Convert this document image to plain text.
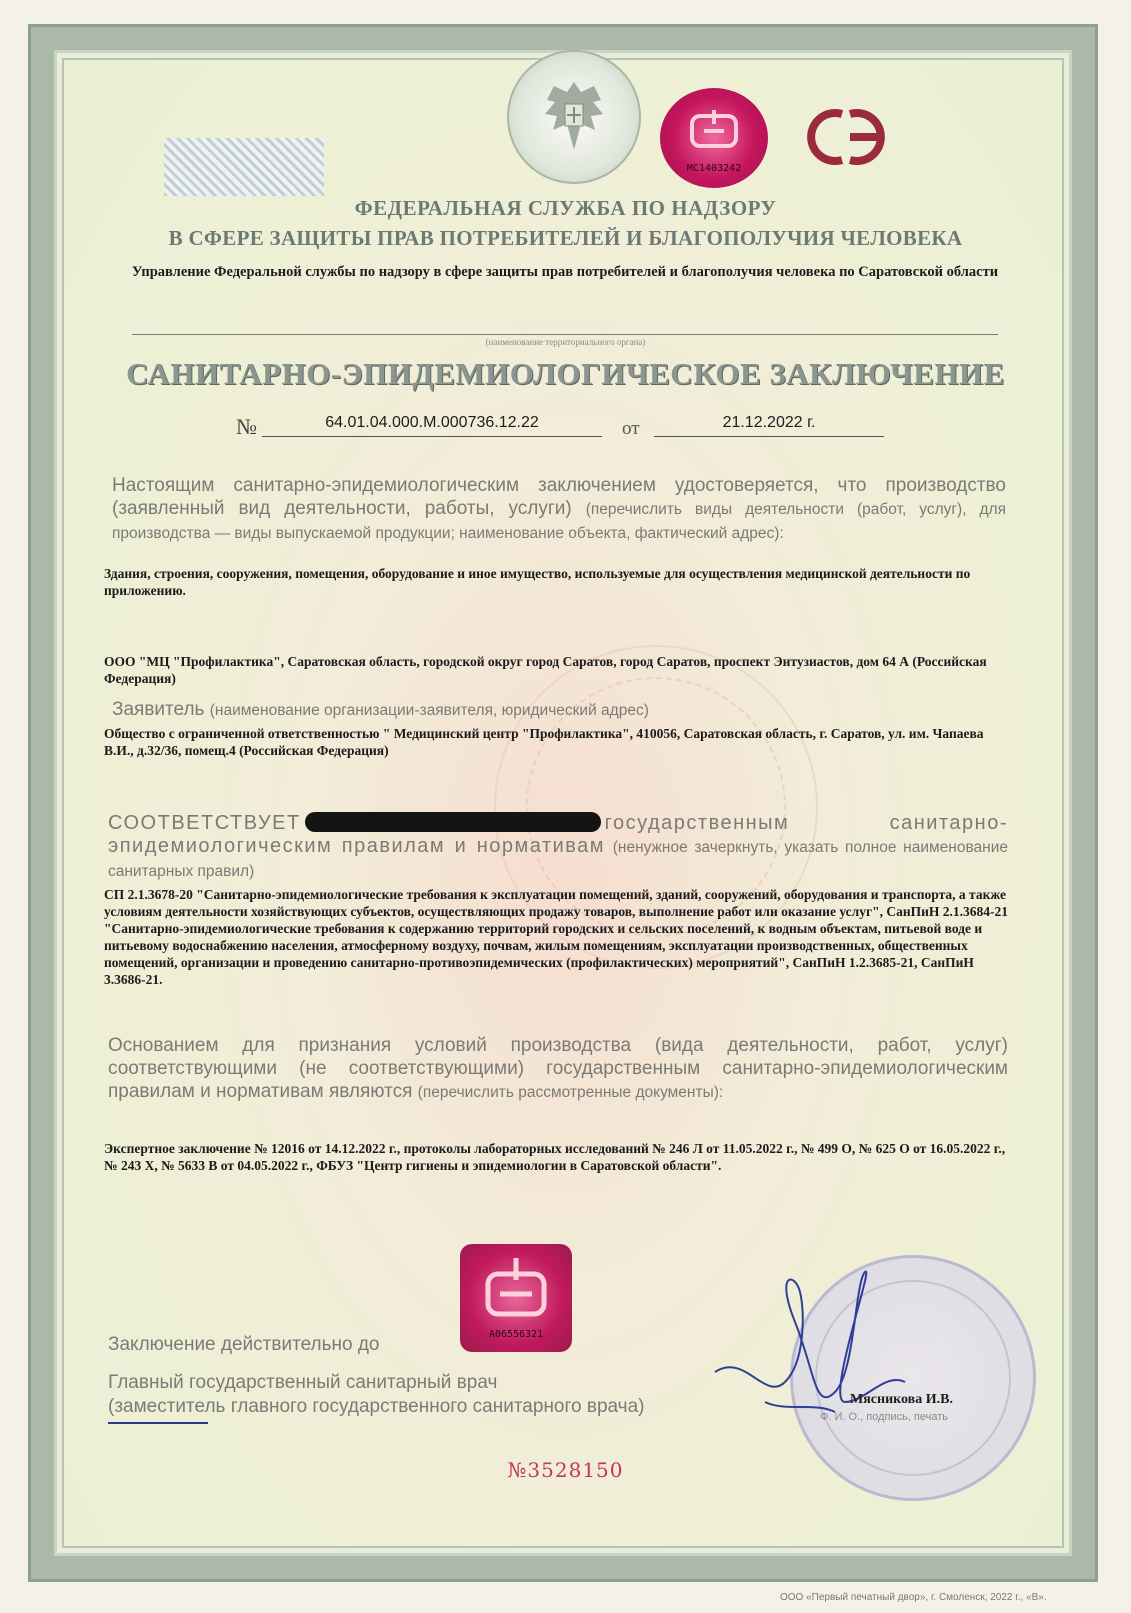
MC1403242
ФЕДЕРАЛЬНАЯ СЛУЖБА ПО НАДЗОРУ
В СФЕРЕ ЗАЩИТЫ ПРАВ ПОТРЕБИТЕЛЕЙ И БЛАГОПОЛУЧИЯ ЧЕЛОВЕКА
Управление Федеральной службы по надзору в сфере защиты прав потребителей и благополучия человека по Саратовской области
(наименование территориального органа)
САНИТАРНО-ЭПИДЕМИОЛОГИЧЕСКОЕ ЗАКЛЮЧЕНИЕ
№	64.01.04.000.М.000736.12.22	от	21.12.2022 г.
Настоящим санитарно-эпидемиологическим заключением удостоверяется, что производство (заявленный вид деятельности, работы, услуги) (перечислить виды деятельности (работ, услуг), для производства — виды выпускаемой продукции; наименование объекта, фактический адрес):
Здания, строения, сооружения, помещения, оборудование и иное имущество, используемые для осуществления медицинской деятельности по приложению.
ООО "МЦ "Профилактика", Саратовская область, городской округ город Саратов, город Саратов, проспект Энтузиастов, дом 64 А (Российская Федерация)
Заявитель (наименование организации-заявителя, юридический адрес)
Общество с ограниченной ответственностью " Медицинский центр "Профилактика", 410056, Саратовская область, г. Саратов, ул. им. Чапаева В.И., д.32/36, помещ.4 (Российская Федерация)
СООТВЕТСТВУЕТ	государственным санитарно-эпидемиологическим правилам и нормативам (ненужное зачеркнуть, указать полное наименование санитарных правил)
СП 2.1.3678-20 "Санитарно-эпидемиологические требования к эксплуатации помещений, зданий, сооружений, оборудования и транспорта, а также условиям деятельности хозяйствующих субъектов, осуществляющих продажу товаров, выполнение работ или оказание услуг", СанПиН 2.1.3684-21 "Санитарно-эпидемиологические требования к содержанию территорий городских и сельских поселений, к водным объектам, питьевой воде и питьевому водоснабжению населения, атмосферному воздуху, почвам, жилым помещениям, эксплуатации производственных, общественных помещений, организации и проведению санитарно-противоэпидемических (профилактических) мероприятий", СанПиН 1.2.3685-21, СанПиН 3.3686-21.
Основанием для признания условий производства (вида деятельности, работ, услуг) соответствующими (не соответствующими) государственным санитарно-эпидемиологическим правилам и нормативам являются (перечислить рассмотренные документы):
Экспертное заключение № 12016 от 14.12.2022 г., протоколы лабораторных исследований № 246 Л от 11.05.2022 г., № 499 О, № 625 О от 16.05.2022 г., № 243 Х, № 5633 В от 04.05.2022 г., ФБУЗ "Центр гигиены и эпидемиологии в Саратовской области".
A06556321
Заключение действительно до
Главный государственный санитарный врач
(заместитель главного государственного санитарного врача)	Мясникова И.В.
Ф. И. О., подпись, печать
№3528150
ООО «Первый печатный двор», г. Смоленск, 2022 г., «В».
